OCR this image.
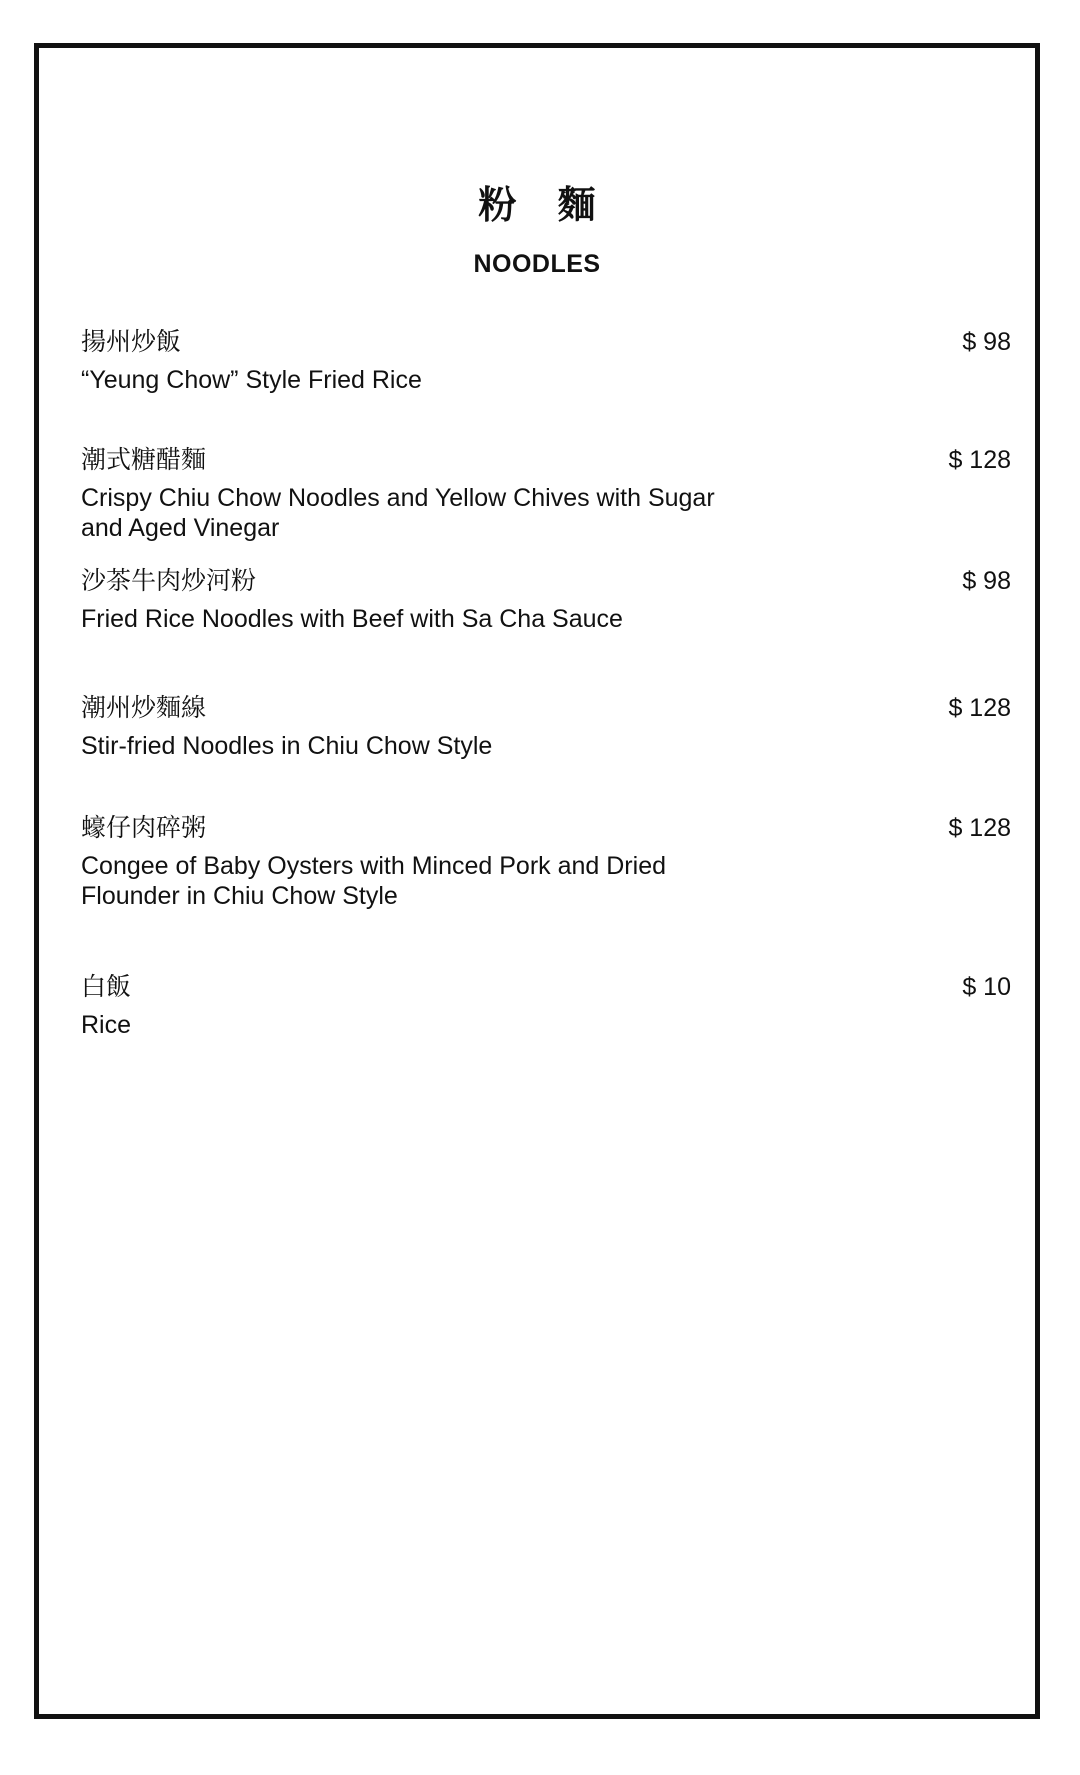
粉 麵
NOODLES
揚州炒飯
“Yeung Chow” Style Fried Rice
$ 98
潮式糖醋麵
Crispy Chiu Chow Noodles and Yellow Chives with Sugar and Aged Vinegar
$ 128
沙茶牛肉炒河粉
Fried Rice Noodles with Beef with Sa Cha Sauce
$ 98
潮州炒麵線
Stir-fried Noodles in Chiu Chow Style
$ 128
蠔仔肉碎粥
Congee of Baby Oysters with Minced Pork and Dried Flounder in Chiu Chow Style
$ 128
白飯
Rice
$ 10
